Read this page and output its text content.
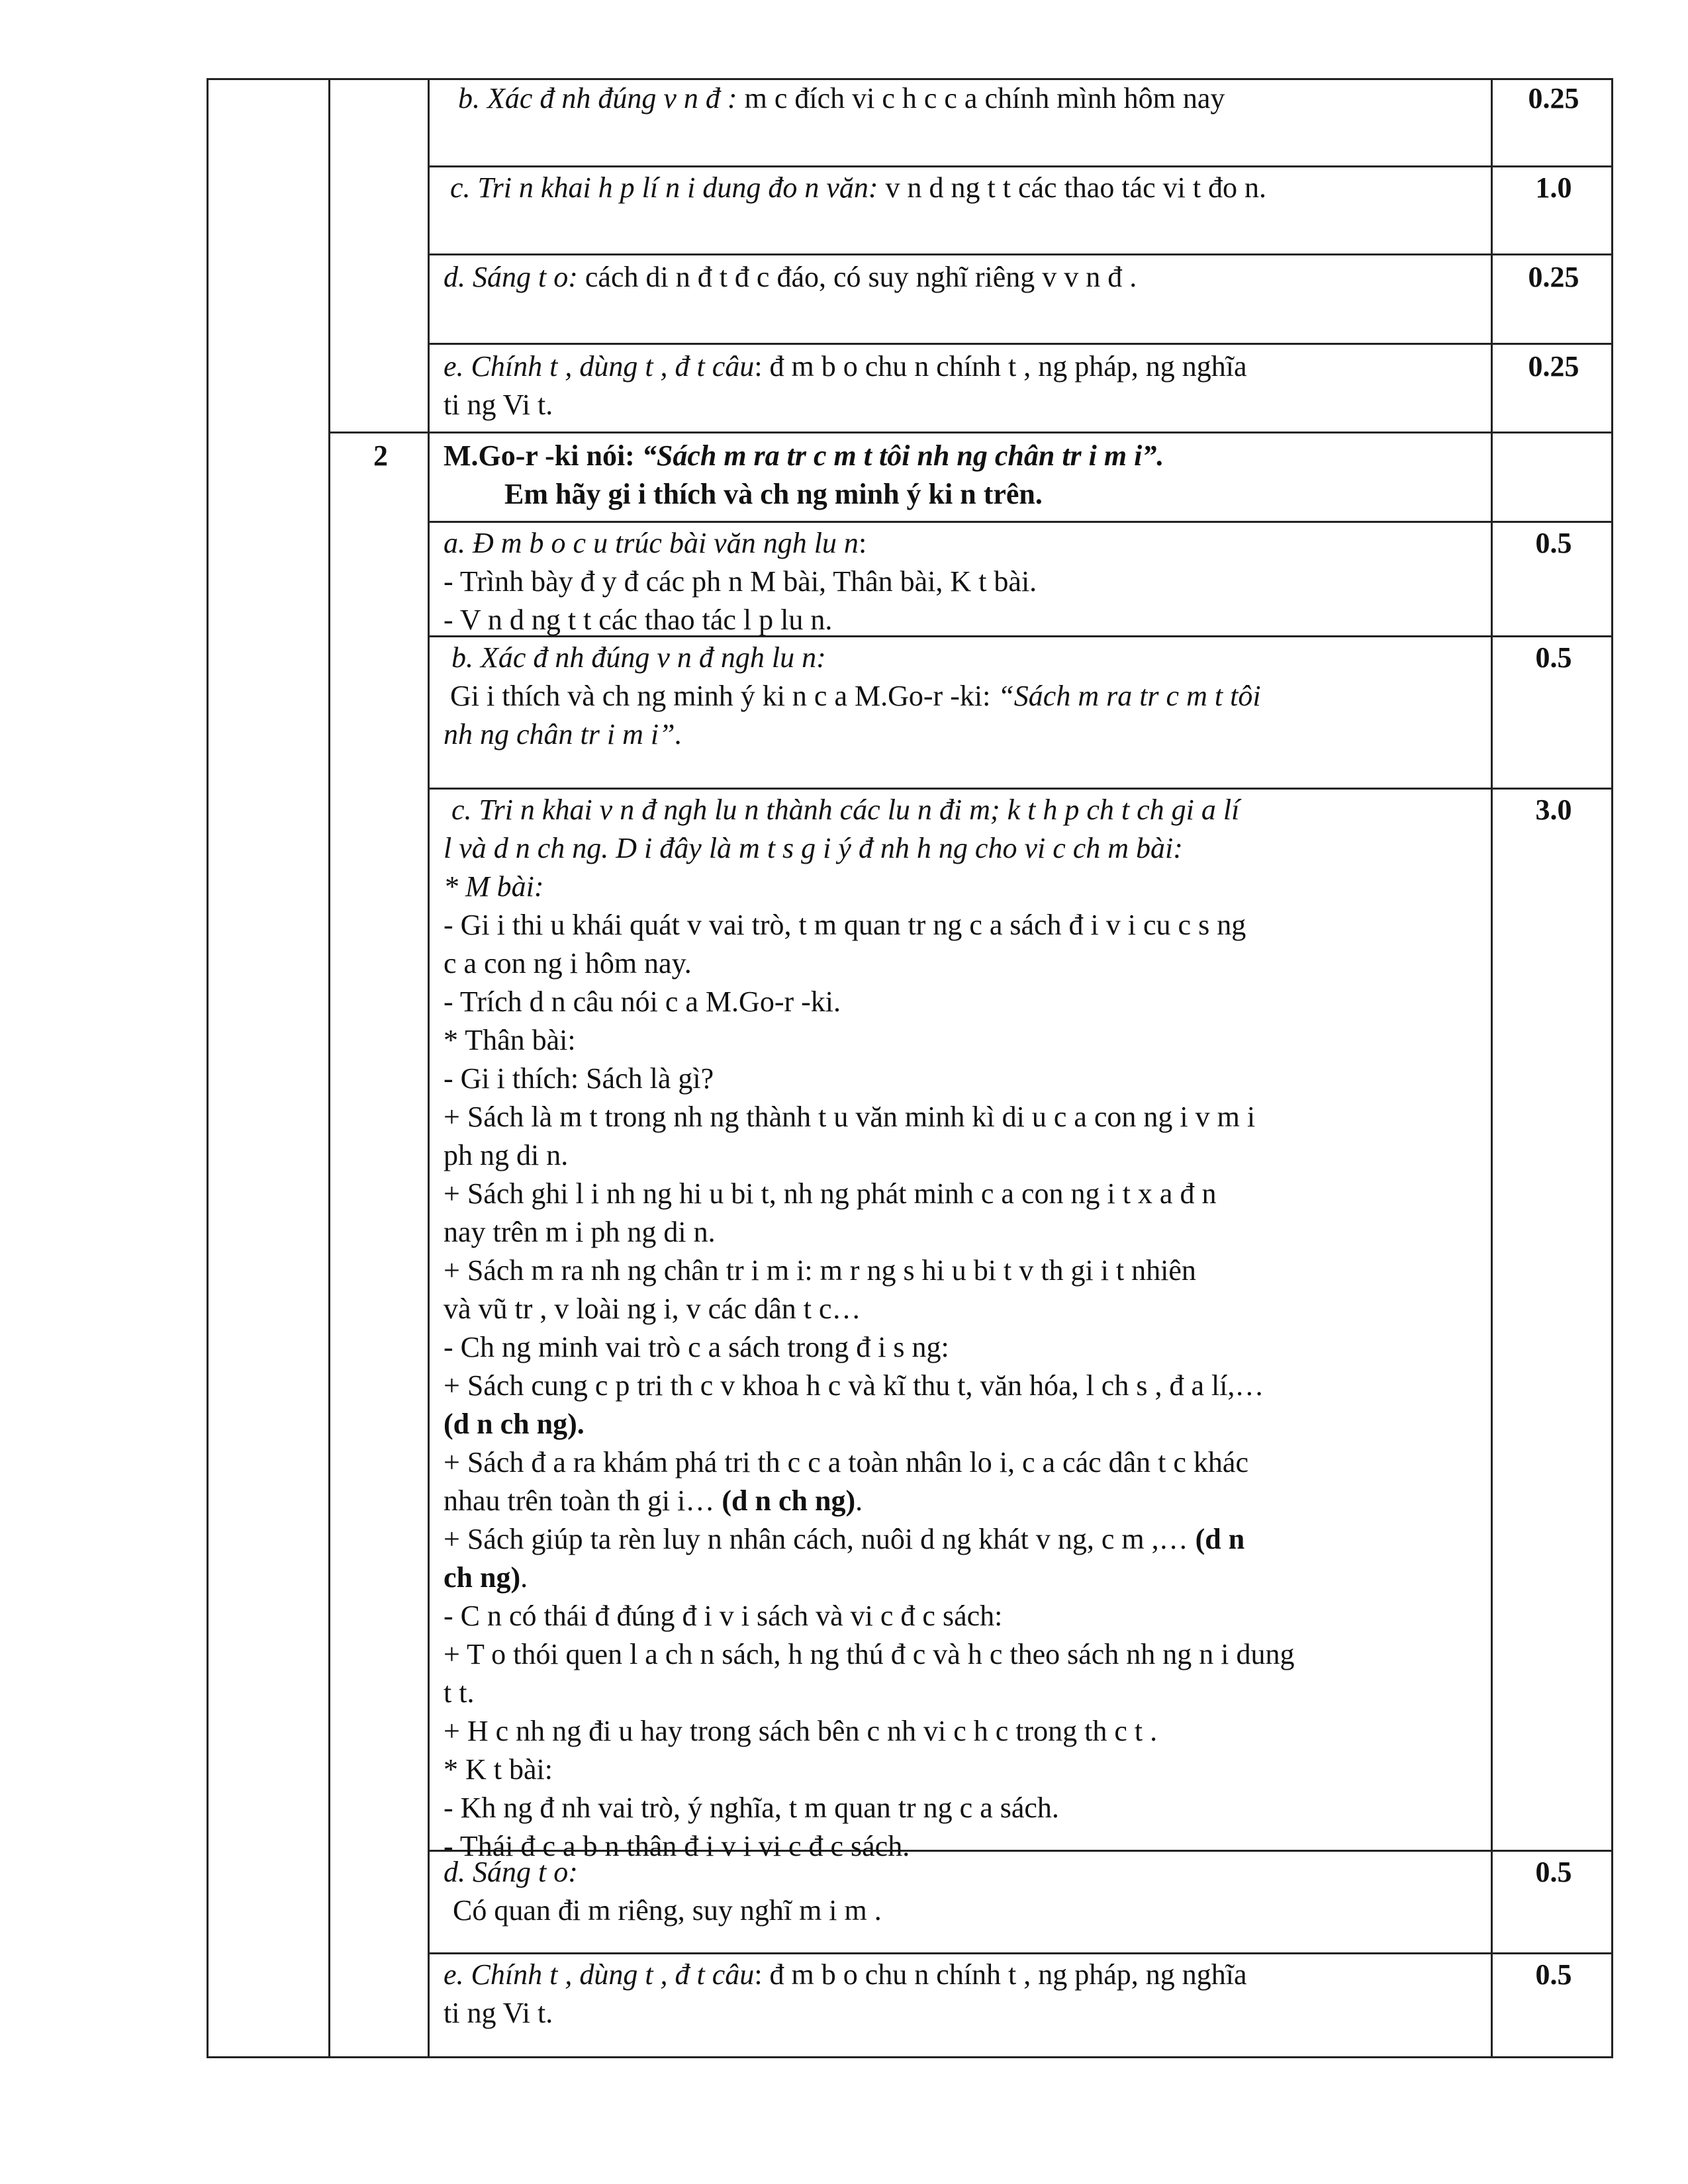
b. Xác đ nh đúng v n đ : m c đích vi c h c c a chính mình hôm nay	0.25
c. Tri n khai h p lí n i dung đo n văn: v n d ng t t các thao tác vi t đo n.	1.0
d. Sáng t o: cách di n đ t đ c đáo, có suy nghĩ riêng v v n đ .	0.25
e. Chính t , dùng t , đ t câu: đ m b o chu n chính t , ng pháp, ng nghĩa
ti ng Vi t.
0.25
2	M.Go-r -ki nói: “Sách m ra tr c m t tôi nh ng chân tr i m i”.
Em hãy gi i thích và ch ng minh ý ki n trên.
a. Đ m b o c u trúc bài văn ngh lu n:
- Trình bày đ y đ các ph n M bài, Thân bài, K t bài.
- V n d ng t t các thao tác l p lu n.
0.5
b. Xác đ nh đúng v n đ ngh lu n:
Gi i thích và ch ng minh ý ki n c a M.Go-r -ki: “Sách m ra tr c m t tôi
nh ng chân tr i m i”.
0.5
c. Tri n khai v n đ ngh lu n thành các lu n đi m; k t h p ch t ch gi a lí
l và d n ch ng. D i đây là m t s g i ý đ nh h ng cho vi c ch m bài:
* M bài:
- Gi i thi u khái quát v vai trò, t m quan tr ng c a sách đ i v i cu c s ng
c a con ng i hôm nay.
- Trích d n câu nói c a M.Go-r -ki.
* Thân bài:
- Gi i thích: Sách là gì?
+ Sách là m t trong nh ng thành t u văn minh kì di u c a con ng i v m i
ph ng di n.
+ Sách ghi l i nh ng hi u bi t, nh ng phát minh c a con ng i t x a đ n
nay trên m i ph ng di n.
+ Sách m ra nh ng chân tr i m i: m r ng s hi u bi t v th gi i t nhiên
và vũ tr , v loài ng i, v các dân t c…
- Ch ng minh vai trò c a sách trong đ i s ng:
+ Sách cung c p tri th c v khoa h c và kĩ thu t, văn hóa, l ch s , đ a lí,…
(d n ch ng).
+ Sách đ a ra khám phá tri th c c a toàn nhân lo i, c a các dân t c khác
nhau trên toàn th gi i… (d n ch ng).
+ Sách giúp ta rèn luy n nhân cách, nuôi d ng khát v ng, c m ,… (d n
ch ng).
- C n có thái đ đúng đ i v i sách và vi c đ c sách:
+ T o thói quen l a ch n sách, h ng thú đ c và h c theo sách nh ng n i dung
t t.
+ H c nh ng đi u hay trong sách bên c nh vi c h c trong th c t .
* K t bài:
- Kh ng đ nh vai trò, ý nghĩa, t m quan tr ng c a sách.
- Thái đ c a b n thân đ i v i vi c đ c sách.
3.0
d. Sáng t o:
Có quan đi m riêng, suy nghĩ m i m .
0.5
e. Chính t , dùng t , đ t câu: đ m b o chu n chính t , ng pháp, ng nghĩa
ti ng Vi t.
0.5
